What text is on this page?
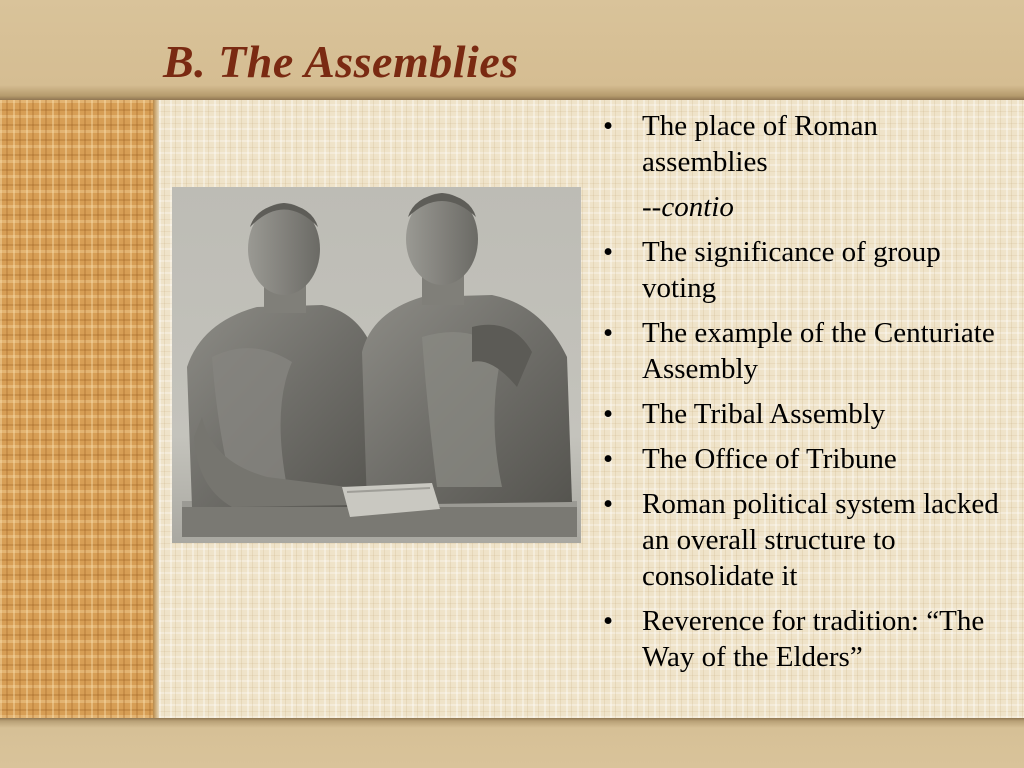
B. The Assemblies
• The place of Roman assemblies
--contio
• The significance of group voting
• The example of the Centuriate Assembly
• The Tribal Assembly
• The Office of Tribune
• Roman political system lacked an overall structure to consolidate it
• Reverence for tradition: “The Way of the Elders”
